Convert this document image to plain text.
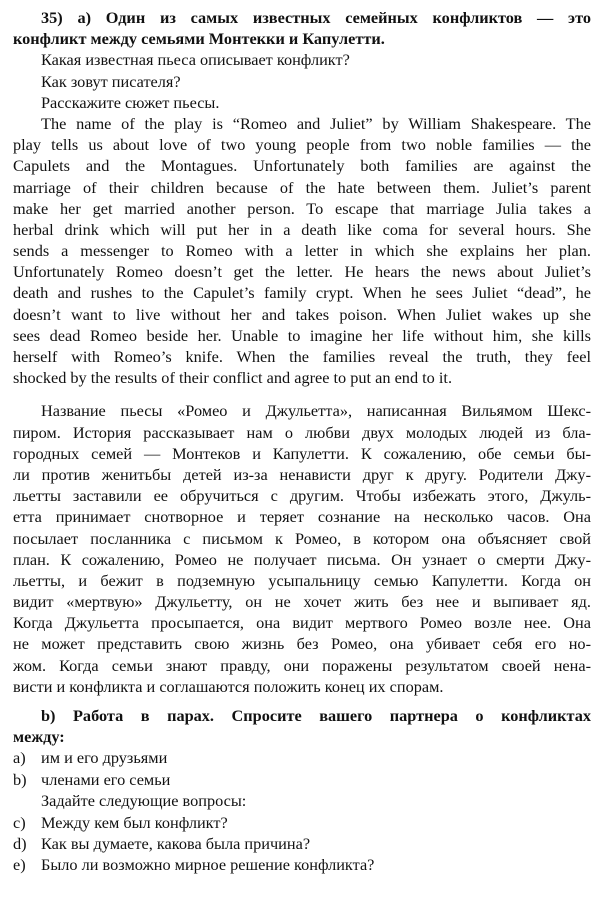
35) a) Один из самых известных семейных конфликтов — это
конфликт между семьями Монтекки и Капулетти.
Какая известная пьеса описывает конфликт?
Как зовут писателя?
Расскажите сюжет пьесы.
The name of the play is “Romeo and Juliet” by William Shakespeare. The
play tells us about love of two young people from two noble families — the
Capulets and the Montagues. Unfortunately both families are against the
marriage of their children because of the hate between them. Juliet’s parent
make her get married another person. To escape that marriage Julia takes a
herbal drink which will put her in a death like coma for several hours. She
sends a messenger to Romeo with a letter in which she explains her plan.
Unfortunately Romeo doesn’t get the letter. He hears the news about Juliet’s
death and rushes to the Capulet’s family crypt. When he sees Juliet “dead”, he
doesn’t want to live without her and takes poison. When Juliet wakes up she
sees dead Romeo beside her. Unable to imagine her life without him, she kills
herself with Romeo’s knife. When the families reveal the truth, they feel
shocked by the results of their conflict and agree to put an end to it.
Название пьесы «Ромео и Джульетта», написанная Вильямом Шекс-
пиром. История рассказывает нам о любви двух молодых людей из бла-
городных семей — Монтеков и Капулетти. К сожалению, обе семьи бы-
ли против женитьбы детей из-за ненависти друг к другу. Родители Джу-
льетты заставили ее обручиться с другим. Чтобы избежать этого, Джуль-
етта принимает снотворное и теряет сознание на несколько часов. Она
посылает посланника с письмом к Ромео, в котором она объясняет свой
план. К сожалению, Ромео не получает письма. Он узнает о смерти Джу-
льетты, и бежит в подземную усыпальницу семью Капулетти. Когда он
видит «мертвую» Джульетту, он не хочет жить без нее и выпивает яд.
Когда Джульетта просыпается, она видит мертвого Ромео возле нее. Она
не может представить свою жизнь без Ромео, она убивает себя его но-
жом. Когда семьи знают правду, они поражены результатом своей нена-
висти и конфликта и соглашаются положить конец их спорам.
b) Работа в парах. Спросите вашего партнера о конфликтах
между:
a) им и его друзьями
b) членами его семьи
Задайте следующие вопросы:
c) Между кем был конфликт?
d) Как вы думаете, какова была причина?
e) Было ли возможно мирное решение конфликта?
